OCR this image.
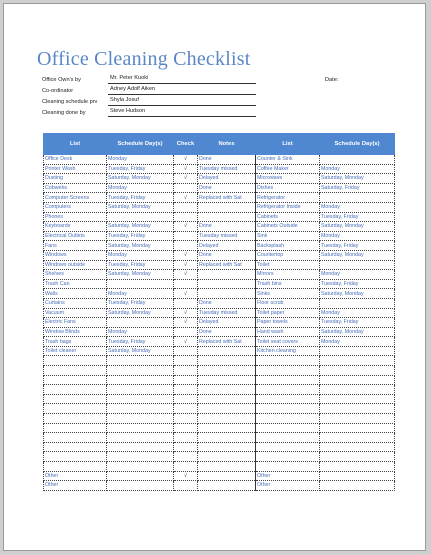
Office Cleaning Checklist
Office Own's by	Mr. Peter Kuoki
Co-ordinator	Adney Adolf Aiken
Cleaning schedule prv	Shyla Josuf
Cleaning done by	Steve Hudson
Date:
List	Schedule Day(s)	Check	Notes	List	Schedule Day(s)
Office Desk	Monday	√	Done	Counter & Sink	
Printer Wash	Tuesday, Friday	√	Tuesday missed	Coffee Maker	Monday
Dusting	Saturday, Monday	√	Delayed	Microwave	Saturday, Monday
Cobwebs	Monday		Done	Dishes	Saturday, Friday
Computer Screens	Tuesday, Friday	√	Replaced with Sat	Refrigerator	
Computers	Saturday, Monday			Refrigerator Inside	Monday
Phones				Cabinets	Tuesday, Friday
Keyboards	Saturday, Monday	√	Done	Cabinets Outside	Saturday, Monday
Electrical Outlets	Tuesday, Friday		Tuesday missed	Sink	Monday
Fans	Saturday, Monday		Delayed	Backsplash	Tuesday, Friday
Windows	Monday	√	Done	Countertop	Saturday, Monday
Windows outside	Tuesday, Friday	√	Replaced with Sat	Toilet	
Shelves	Saturday, Monday	√		Mirrors	Monday
Trash Can				Trash bins	Tuesday, Friday
Walls	Monday	√		Sinks	Saturday, Monday
Curtains	Tuesday, Friday		Done	Floor scrub	
Vacuum	Saturday, Monday	√	Tuesday missed	Toilet paper	Monday
Electric Fans		√	Delayed	Paper towels	Tuesday, Friday
Window Blinds	Monday		Done	Hand wash	Saturday, Monday
Trash bags	Tuesday, Friday	√	Replaced with Sat	Toilet seat covers	Monday
Toilet cleaner	Saturday, Monday			Kitchen cleaning	

Other		√		Other	
Other				Other	
